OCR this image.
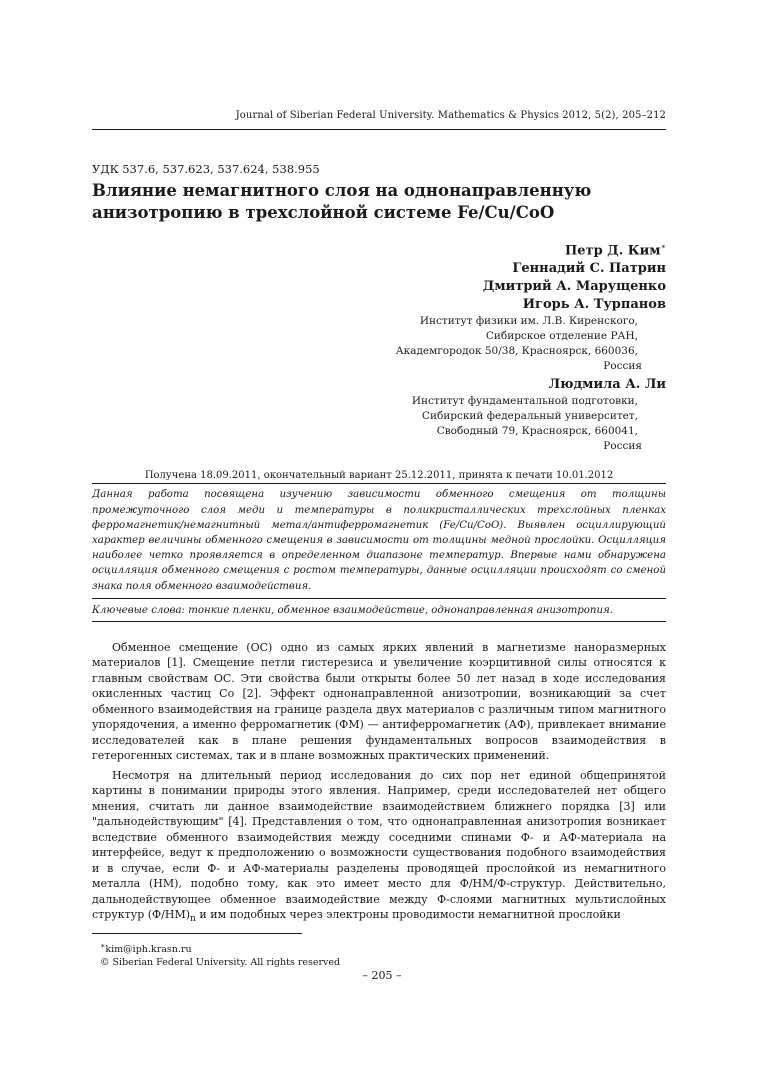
Journal of Siberian Federal University. Mathematics & Physics 2012, 5(2), 205–212
УДК 537.6, 537.623, 537.624, 538.955
Влияние немагнитного слоя на однонаправленную
анизотропию в трехслойной системе Fe/Cu/CoO
Петр Д. Ким∗
Геннадий С. Патрин
Дмитрий А. Марущенко
Игорь А. Турпанов
Институт физики им. Л.В. Киренского,
Сибирское отделение РАН,
Академгородок 50/38, Красноярск, 660036,
Россия
Людмила А. Ли
Институт фундаментальной подготовки,
Сибирский федеральный университет,
Свободный 79, Красноярск, 660041,
Россия
Получена 18.09.2011, окончательный вариант 25.12.2011, принята к печати 10.01.2012
Данная работа посвящена изучению зависимости обменного смещения от толщины промежуточного слоя меди и температуры в поликристаллических трехслойных пленках ферромагнетик/немагнитный метал/антиферромагнетик (Fe/Cu/CoO). Выявлен осциллирующий характер величины обменного смещения в зависимости от толщины медной прослойки. Осцилляция наиболее четко проявляется в определенном диапазоне температур. Впервые нами обнаружена осцилляция обменного смещения с ростом температуры, данные осцилляции происходят со сменой знака поля обменного взаимодействия.
Ключевые слова: тонкие пленки, обменное взаимодействие, однонаправленная анизотропия.

Обменное смещение (ОС) одно из самых ярких явлений в магнетизме наноразмерных материалов [1]. Смещение петли гистерезиса и увеличение коэрцитивной силы относятся к главным свойствам ОС. Эти свойства были открыты более 50 лет назад в ходе исследования окисленных частиц Co [2]. Эффект однонаправленной анизотропии, возникающий за счет обменного взаимодействия на границе раздела двух материалов с различным типом магнитного упорядочения, а именно ферромагнетик (ФМ) — антиферромагнетик (АФ), привлекает внимание исследователей как в плане решения фундаментальных вопросов взаимодействия в гетерогенных системах, так и в плане возможных практических применений.

Несмотря на длительный период исследования до сих пор нет единой общепринятой картины в понимании природы этого явления. Например, среди исследователей нет общего мнения, считать ли данное взаимодействие взаимодействием ближнего порядка [3] или "дальнодействующим" [4]. Представления о том, что однонаправленная анизотропия возникает вследствие обменного взаимодействия между соседними спинами Ф- и АФ-материала на интерфейсе, ведут к предположению о возможности существования подобного взаимодействия и в случае, если Ф- и АФ-материалы разделены проводящей прослойкой из немагнитного металла (НМ), подобно тому, как это имеет место для Ф/НМ/Ф-структур. Действительно, дальнодействующее обменное взаимодействие между Ф-слоями магнитных мультислойных структур $(Ф/НМ)_n$ и им подобных через электроны проводимости немагнитной прослойки

∗kim@iph.krasn.ru
© Siberian Federal University. All rights reserved
– 205 –
